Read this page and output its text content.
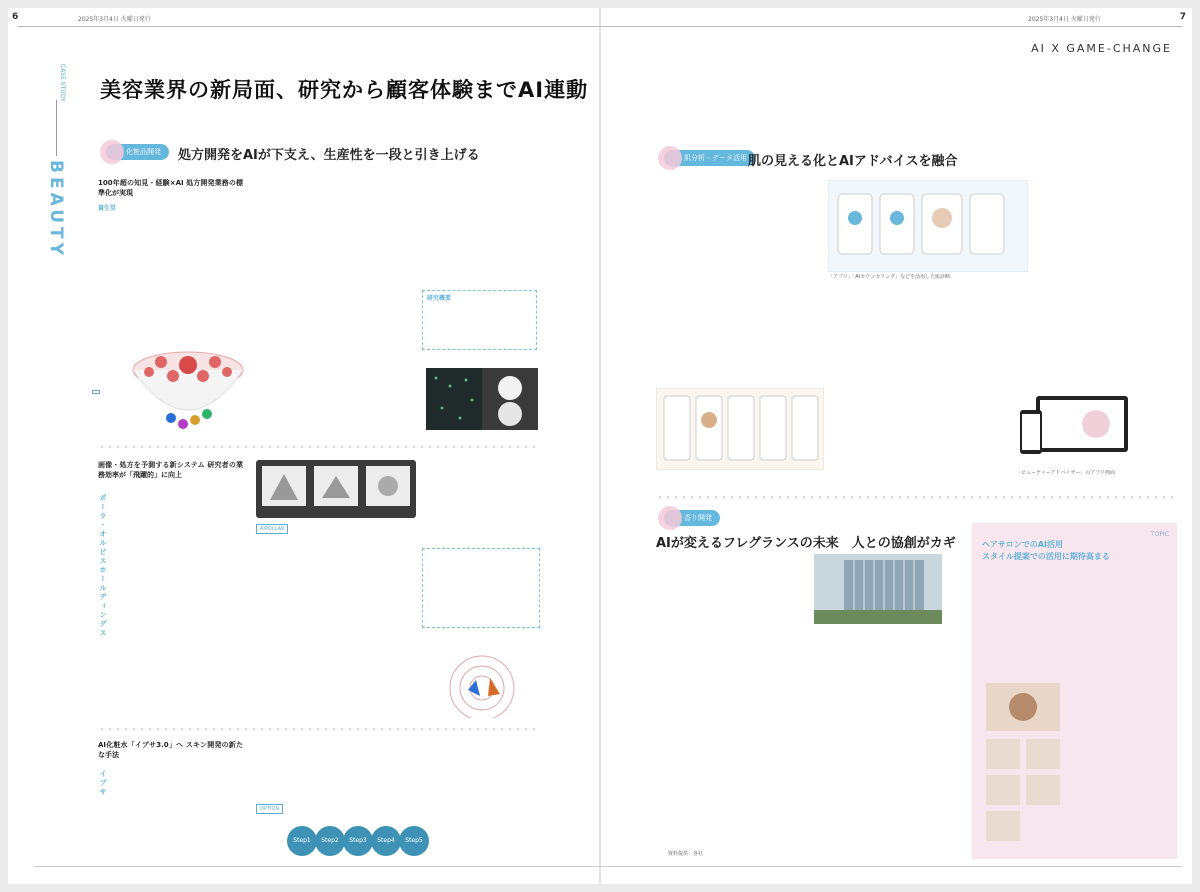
6	2025年3月4日 火曜日発行	7
2025年3月4日 火曜日発行
AI X GAME-CHANGE
CASE STUDY
BEAUTY
美容業界の新局面、研究から顧客体験までAI連動
化粧品開発	処方開発をAIが下支え、生産性を一段と引き上げる
100年超の知見・経験×AI 処方開発業務の標準化が実現
資生堂
研究概要
画像・処方を予測する新システム 研究者の業務効率が「飛躍的」に向上
ポーラ・オルビスホールディングス	AIPOLLAR
AI化粧水「イプサ3.0」へ スキン開発の新たな手法
イプサ
OPTION
Step1	Step2	Step3	Step4	Step5
肌分析・データ活用 肌の見える化とAIアドバイスを融合
「アプリ」「AIカウンセリング」などを活用した肌診断
「ビューティーアドバイザー」のアプリ画面
香り開発
AIが変えるフレグランスの未来　人との協創がカギ
資料提供：各社
TOPIC
ヘアサロンでのAI活用
スタイル提案での活用に期待高まる
